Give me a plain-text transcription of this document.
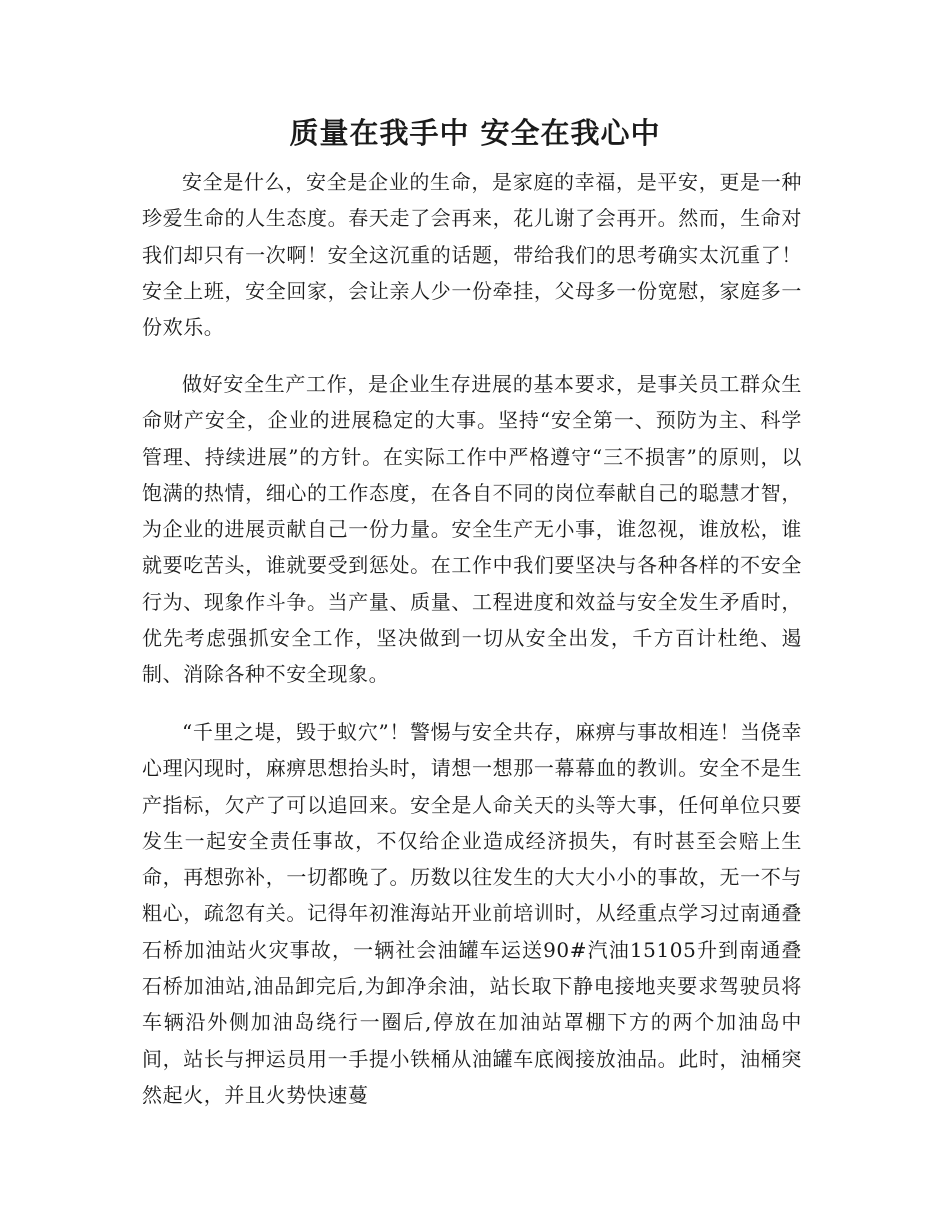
质量在我手中 安全在我心中

安全是什么，安全是企业的生命，是家庭的幸福，是平安，更是一种珍爱生命的人生态度。春天走了会再来，花儿谢了会再开。然而，生命对我们却只有一次啊！安全这沉重的话题，带给我们的思考确实太沉重了！安全上班，安全回家，会让亲人少一份牵挂，父母多一份宽慰，家庭多一份欢乐。

做好安全生产工作，是企业生存进展的基本要求，是事关员工群众生命财产安全，企业的进展稳定的大事。坚持“安全第一、预防为主、科学管理、持续进展”的方针。在实际工作中严格遵守“三不损害”的原则，以饱满的热情，细心的工作态度，在各自不同的岗位奉献自己的聪慧才智，为企业的进展贡献自己一份力量。安全生产无小事，谁忽视，谁放松，谁就要吃苦头，谁就要受到惩处。在工作中我们要坚决与各种各样的不安全行为、现象作斗争。当产量、质量、工程进度和效益与安全发生矛盾时，优先考虑强抓安全工作，坚决做到一切从安全出发，千方百计杜绝、遏制、消除各种不安全现象。

“千里之堤，毁于蚁穴”！警惕与安全共存，麻痹与事故相连！当侥幸心理闪现时，麻痹思想抬头时，请想一想那一幕幕血的教训。安全不是生产指标，欠产了可以追回来。安全是人命关天的头等大事，任何单位只要发生一起安全责任事故，不仅给企业造成经济损失，有时甚至会赔上生命，再想弥补，一切都晚了。历数以往发生的大大小小的事故，无一不与粗心，疏忽有关。记得年初淮海站开业前培训时，从经重点学习过南通叠石桥加油站火灾事故，一辆社会油罐车运送90#汽油15105升到南通叠石桥加油站,油品卸完后,为卸净余油，站长取下静电接地夹要求驾驶员将车辆沿外侧加油岛绕行一圈后,停放在加油站罩棚下方的两个加油岛中间，站长与押运员用一手提小铁桶从油罐车底阀接放油品。此时，油桶突然起火，并且火势快速蔓
